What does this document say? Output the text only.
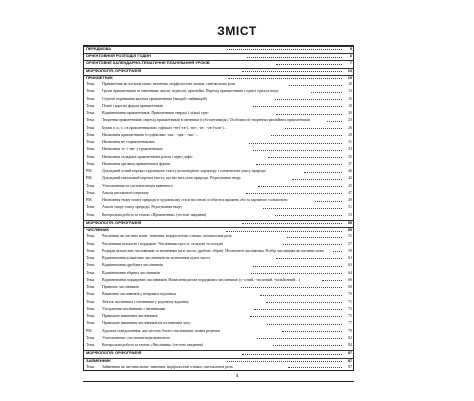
ЗМІСТ
ПЕРЕДМОВА	5
ОРІЄНТОВНИЙ РОЗПОДІЛ ГОДИН	6
ОРІЄНТОВНЕ КАЛЕНДАРНО-ТЕМАТИЧНЕ ПЛАНУВАННЯ УРОКІВ	7
МОРФОЛОГІЯ. ОРФОГРАФІЯ	10
ПРИКМЕТНИК	10
Тема.	Прикметник як частина мови: значення, морфологічні ознаки, синтаксична роль	10
Тема.	Групи прикметників за значенням: якісні, відносні, присвійні. Перехід прикметників з однієї групи в іншу	13
Тема.	Ступені порівняння якісних прикметників (вищий і найвищий)	15
Тема.	Повні і короткі форми прикметників	18
Тема.	Відмінювання прикметників. Прикметники твердої і м'якої груп	20
Тема.	Творення прикметників; перехід прикметників в іменники (субстантивація). Особливості творення присвійних прикметників	23
Тема.	Букви е, и, о, і в прикметникових суфіксах -ев-(-єв-), -ин-, -ін-, -ов-(-ьов-)…	26
Тема.	Написання прикметників із суфіксами -ськ-, -цьк-, -зьк-…	28
Тема.	Написання не з прикметниками	31
Тема.	Написання -н- і -нн- у прикметниках	33
Тема.	Написання складних прикметників разом і через дефіс	35
Тема.	Написання прізвищ прикметкової форми	37
РМ.	Докладний усний переказ художнього тексту розповідного характеру з елементами опису природи	40
РМ.	Докладний письмовий переказ тексту, що містить опис природи. Редагування твору	42
Тема.	Узагальнення та систематизація вивченого	45
Тема.	Аналіз письмового переказу	47
РМ.	Написання твору-опису природи в художньому стилі на основі особистих вражень або за картиною та вимовою	49
Тема.	Аналіз твору-опису природи. Редагування твору	51
Тема.	Контрольна робота за темою «Прикметник» (тестові завдання)	53
МОРФОЛОГІЯ. ОРФОГРАФІЯ	55
ЧИСЛІВНИК	55
Тема.	Числівник як частина мови: значення, морфологічні ознаки, синтаксична роль	55
Тема.	Числівники кількісні і порядкові. Числівники прості, складені та складні	57
Тема.	Розряди кількісних числівників за значенням (цілі числа, дробові, збірні). Неозначені числівники. Розбір числівника як частини мови	59
Тема.	Відмінювання кількісних числівників на позначення цілих чисел	61
Тема.	Відмінювання дробових числівників	63
Тема.	Відмінювання збірних числівників	64
Тема.	Відмінювання порядкових числівників. Написання разом порядкових числівників (з -сотий, -тисячний, -мільйонний…)	66
Тема.	Правопис числівників	68
Тема.	Вживання числівників у непрямих відмінках	70
Тема.	Зв'язок числівника з іменником у родовому відмінку	71
Тема.	Узгодження числівників з іменниками	73
Тема.	Правильне вживання числівників	75
Тема.	Правильне вживання числівників на позначення часу	77
РМ.	Художнє повідомлення, яке містить багато числівників, мовна рецензія	79
Тема.	Узагальнення і систематизація вивченого	82
Тема.	Контрольна робота за темою «Числівник» (тестові завдання)	84
МОРФОЛОГІЯ. ОРФОГРАФІЯ	87
ЗАЙМЕННИК	87
Тема.	Займенник як частина мови: значення, морфологічні ознаки, синтаксична роль	87
3
